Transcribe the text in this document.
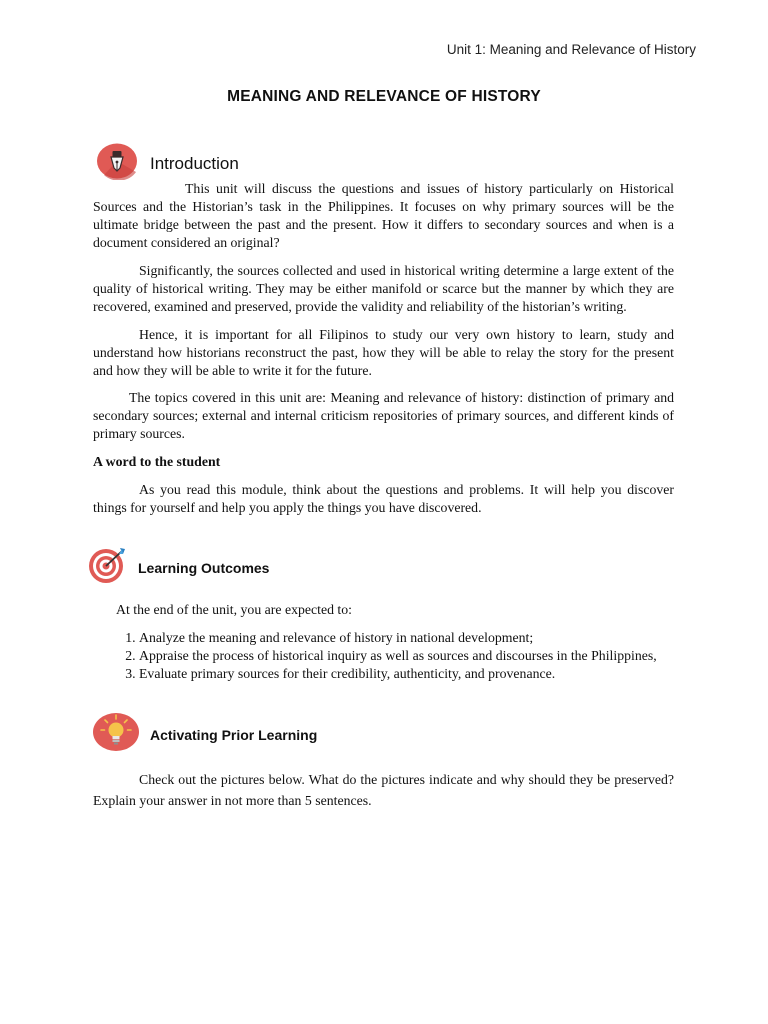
Unit 1: Meaning and Relevance of History
MEANING AND RELEVANCE OF HISTORY
Introduction

This unit will discuss the questions and issues of history particularly on Historical Sources and the Historian’s task in the Philippines. It focuses on why primary sources will be the ultimate bridge between the past and the present. How it differs to secondary sources and when is a document considered an original?

Significantly, the sources collected and used in historical writing determine a large extent of the quality of historical writing. They may be either manifold or scarce but the manner by which they are recovered, examined and preserved, provide the validity and reliability of the historian’s writing.

Hence, it is important for all Filipinos to study our very own history to learn, study and understand how historians reconstruct the past, how they will be able to relay the story for the present and how they will be able to write it for the future.

The topics covered in this unit are: Meaning and relevance of history: distinction of primary and secondary sources; external and internal criticism repositories of primary sources, and different kinds of primary sources.

A word to the student

As you read this module, think about the questions and problems. It will help you discover things for yourself and help you apply the things you have discovered.

Learning Outcomes

At the end of the unit, you are expected to:

1. Analyze the meaning and relevance of history in national development;
2. Appraise the process of historical inquiry as well as sources and discourses in the Philippines,
3. Evaluate primary sources for their credibility, authenticity, and provenance.
Activating Prior Learning

Check out the pictures below. What do the pictures indicate and why should they be preserved? Explain your answer in not more than 5 sentences.
